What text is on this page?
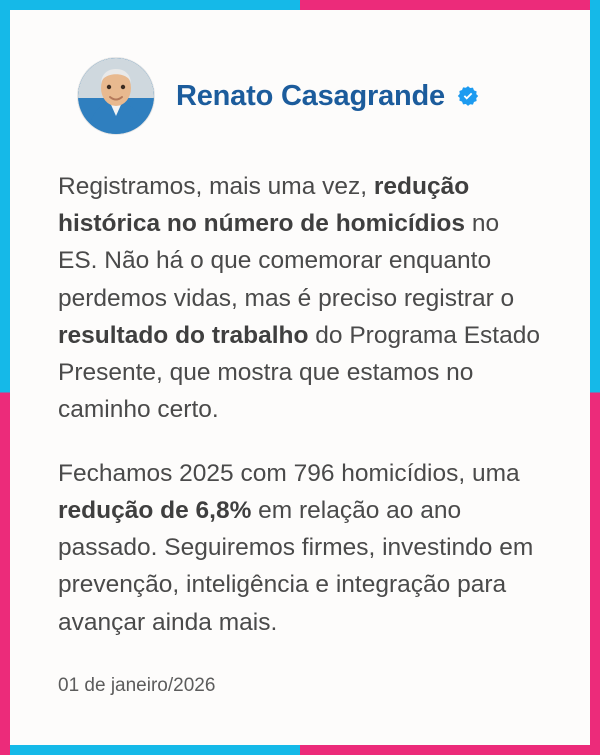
Renato Casagrande

Registramos, mais uma vez, redução histórica no número de homicídios no ES. Não há o que comemorar enquanto perdemos vidas, mas é preciso registrar o resultado do trabalho do Programa Estado Presente, que mostra que estamos no caminho certo.

Fechamos 2025 com 796 homicídios, uma redução de 6,8% em relação ao ano passado. Seguiremos firmes, investindo em prevenção, inteligência e integração para avançar ainda mais.

01 de janeiro/2026
